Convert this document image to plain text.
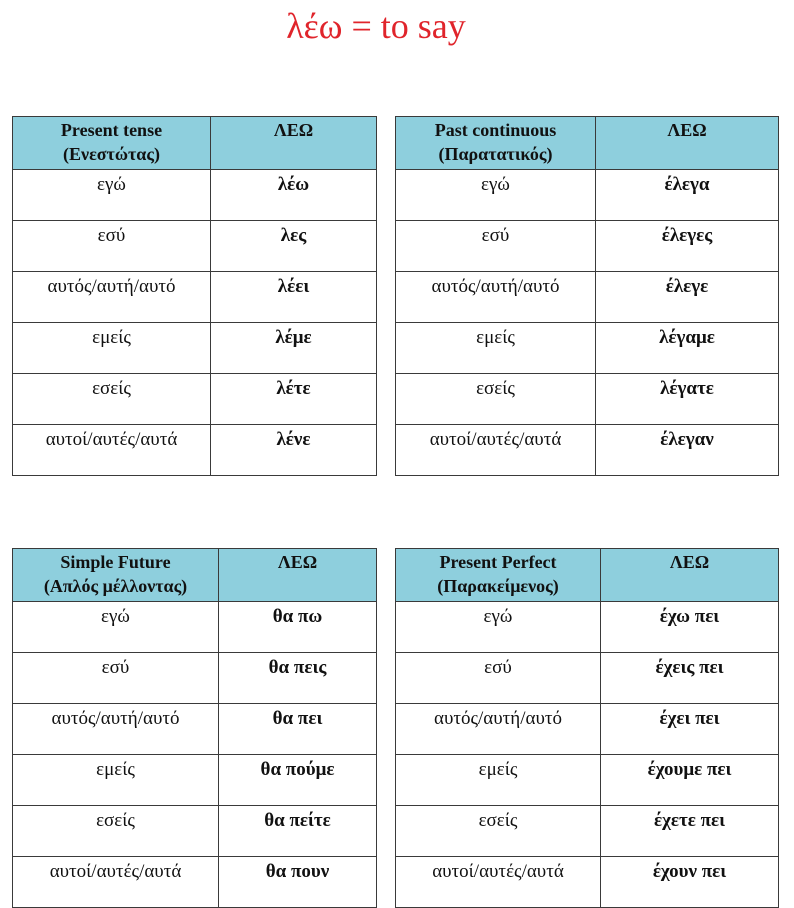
λέω = to say
Present tense
(Ενεστώτας)	ΛΕΩ
εγώ	λέω
εσύ	λες
αυτός/αυτή/αυτό	λέει
εμείς	λέμε
εσείς	λέτε
αυτοί/αυτές/αυτά	λένε
Past continuous
(Παρατατικός)	ΛΕΩ
εγώ	έλεγα
εσύ	έλεγες
αυτός/αυτή/αυτό	έλεγε
εμείς	λέγαμε
εσείς	λέγατε
αυτοί/αυτές/αυτά	έλεγαν
Simple Future
(Απλός μέλλοντας)	ΛΕΩ
εγώ	θα πω
εσύ	θα πεις
αυτός/αυτή/αυτό	θα πει
εμείς	θα πούμε
εσείς	θα πείτε
αυτοί/αυτές/αυτά	θα πουν
Present Perfect
(Παρακείμενος)	ΛΕΩ
εγώ	έχω πει
εσύ	έχεις πει
αυτός/αυτή/αυτό	έχει πει
εμείς	έχουμε πει
εσείς	έχετε πει
αυτοί/αυτές/αυτά	έχουν πει
